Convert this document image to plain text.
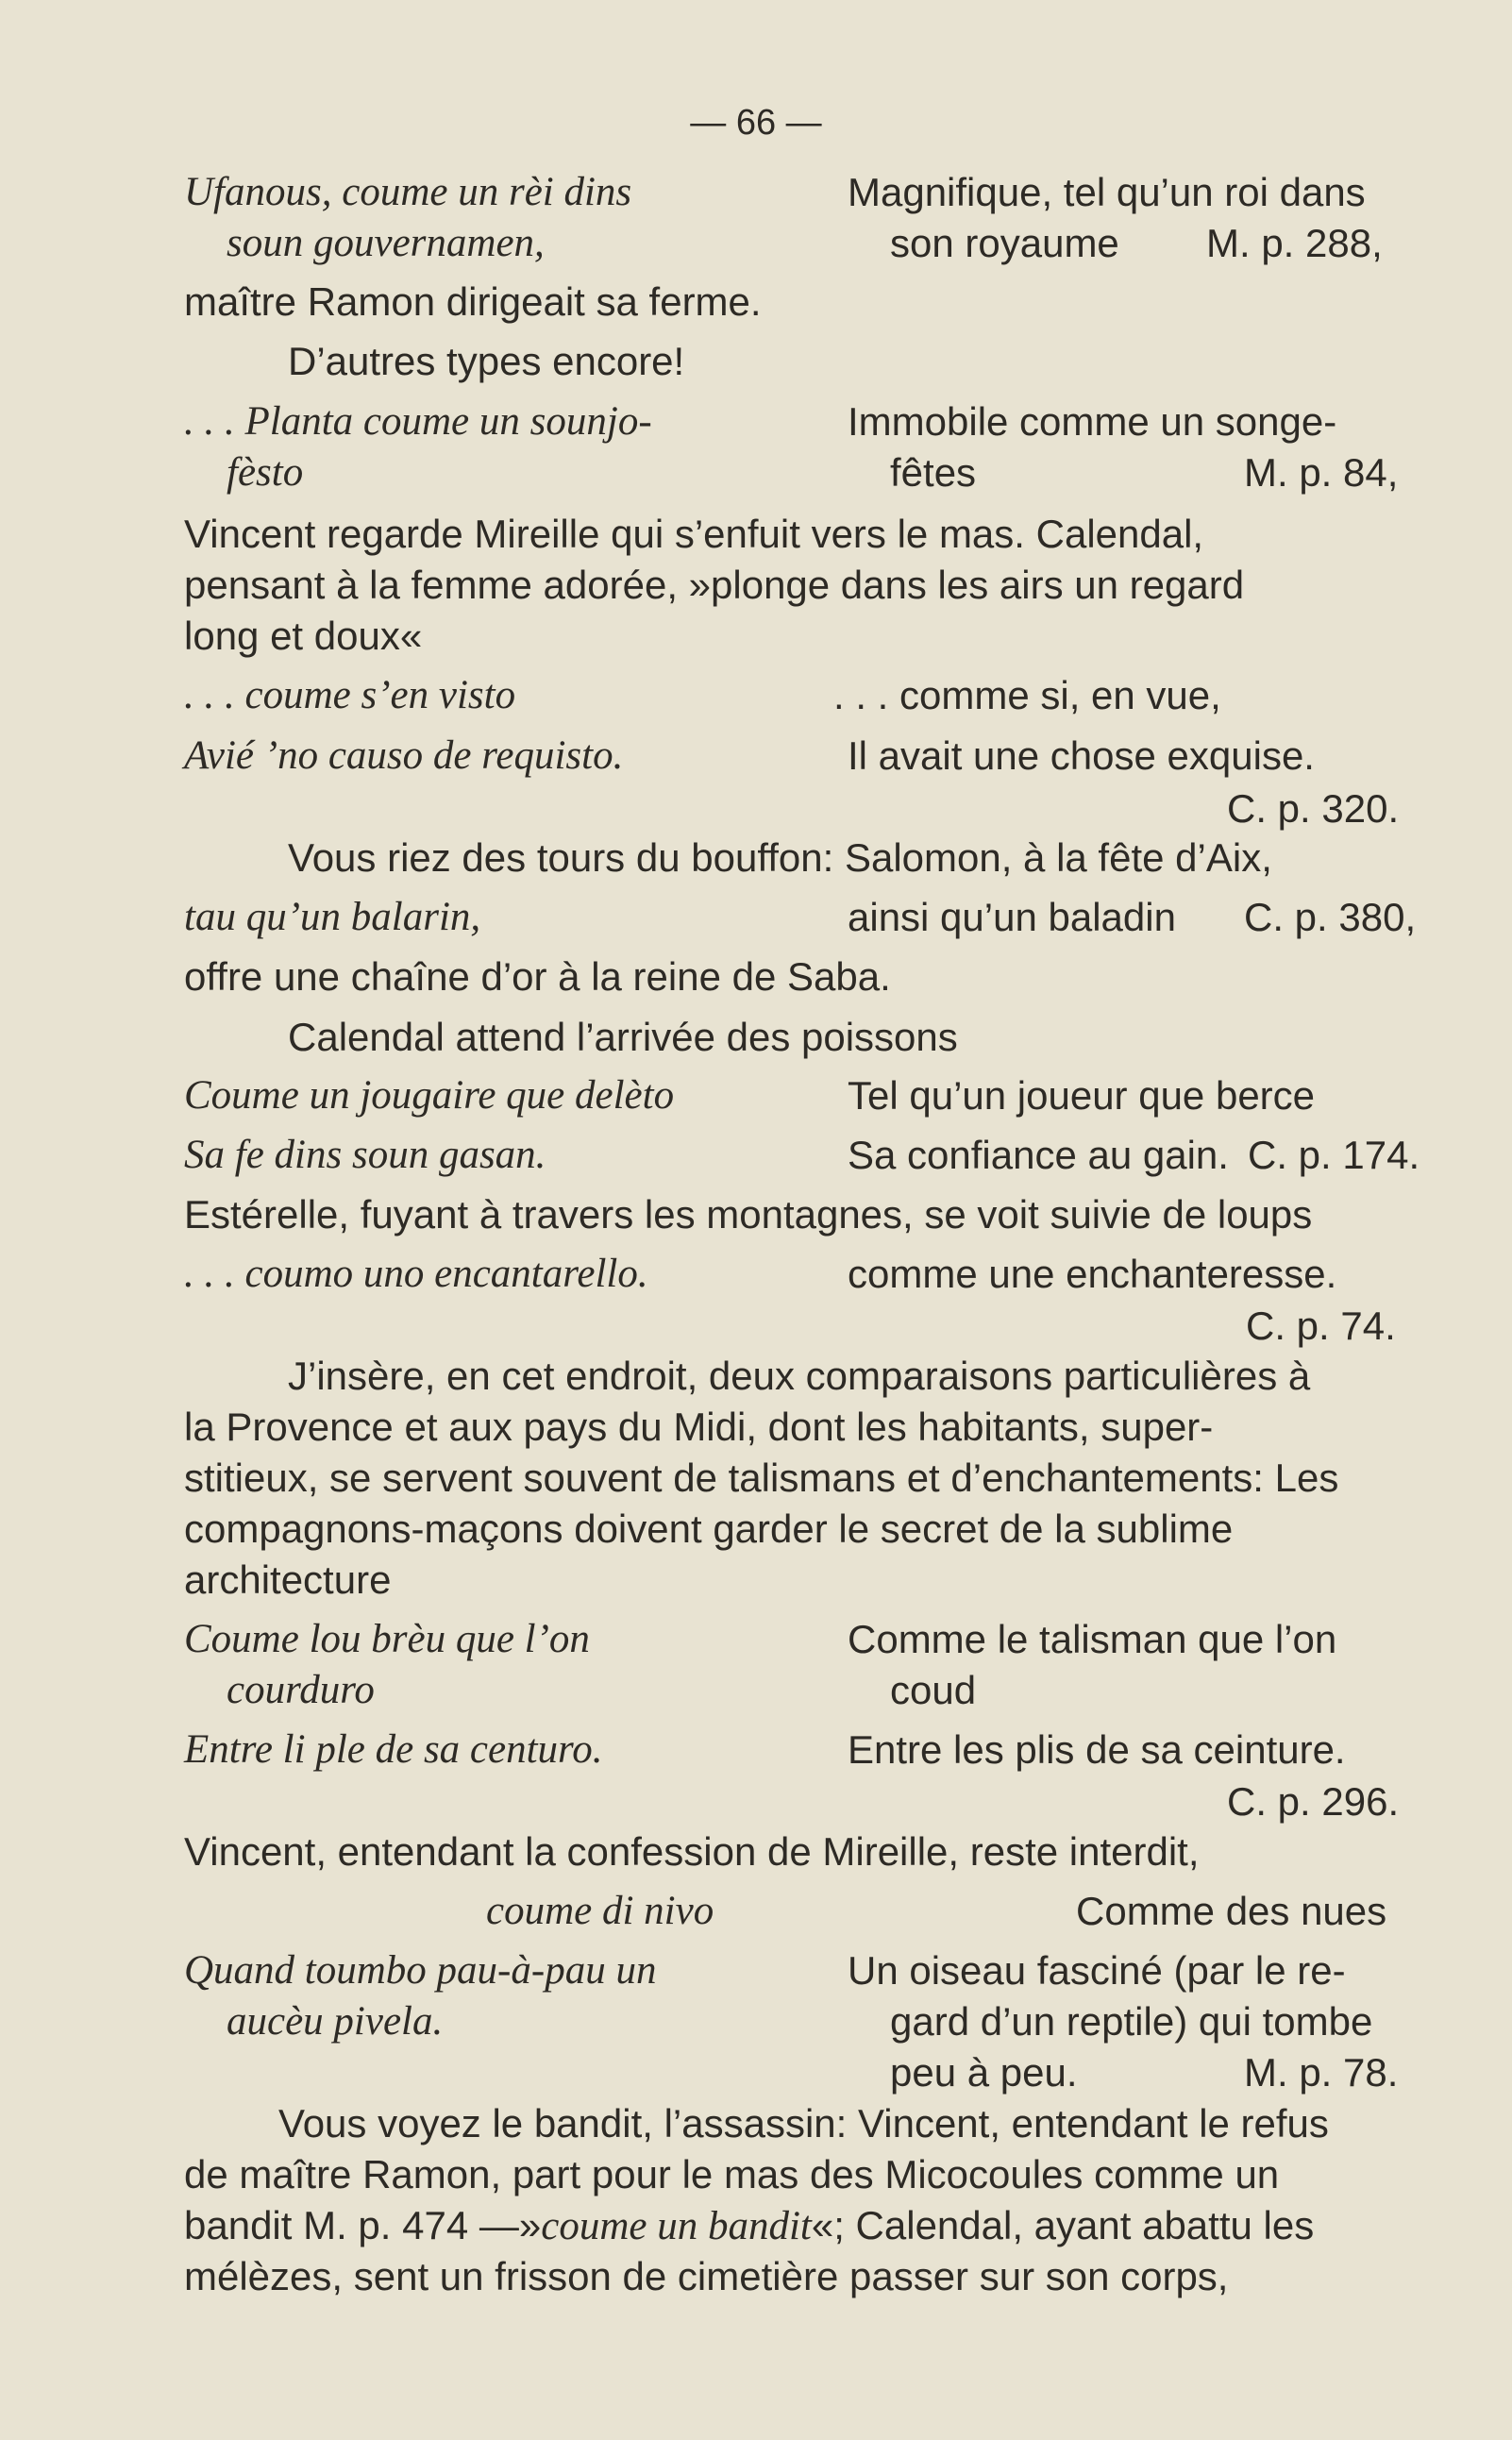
— 66 —
Ufanous, coume un rèi dins	Magnifique, tel qu’un roi dans
soun gouvernamen,	son royaume M. p. 288,
maître Ramon dirigeait sa ferme.
D’autres types encore!
. . . Planta coume un sounjo-	Immobile comme un songe-
fèsto	fêtes	M. p. 84,
Vincent regarde Mireille qui s’enfuit vers le mas. Calendal,
pensant à la femme adorée, »plonge dans les airs un regard
long et doux«
. . . coume s’en visto	. . . comme si, en vue,
Avié ’no causo de requisto.	Il avait une chose exquise.
C. p. 320.
Vous riez des tours du bouffon: Salomon, à la fête d’Aix,
tau qu’un balarin,	ainsi qu’un baladin C. p. 380,
offre une chaîne d’or à la reine de Saba.
Calendal attend l’arrivée des poissons
Coume un jougaire que delèto	Tel qu’un joueur que berce
Sa fe dins soun gasan.	Sa confiance au gain. C. p. 174.
Estérelle, fuyant à travers les montagnes, se voit suivie de loups
. . . coumo uno encantarello.	comme une enchanteresse.
C. p. 74.
J’insère, en cet endroit, deux comparaisons particulières à
la Provence et aux pays du Midi, dont les habitants, super-
stitieux, se servent souvent de talismans et d’enchantements: Les
compagnons-maçons doivent garder le secret de la sublime
architecture
Coume lou brèu que l’on	Comme le talisman que l’on
courduro	coud
Entre li ple de sa centuro.	Entre les plis de sa ceinture.
C. p. 296.
Vincent, entendant la confession de Mireille, reste interdit,
coume di nivo	Comme des nues
Quand toumbo pau-à-pau un	Un oiseau fasciné (par le re-
aucèu pivela.	gard d’un reptile) qui tombe
peu à peu.	M. p. 78.
Vous voyez le bandit, l’assassin: Vincent, entendant le refus
de maître Ramon, part pour le mas des Micocoules comme un
bandit M. p. 474 —»coume un bandit«; Calendal, ayant abattu les
mélèzes, sent un frisson de cimetière passer sur son corps,
